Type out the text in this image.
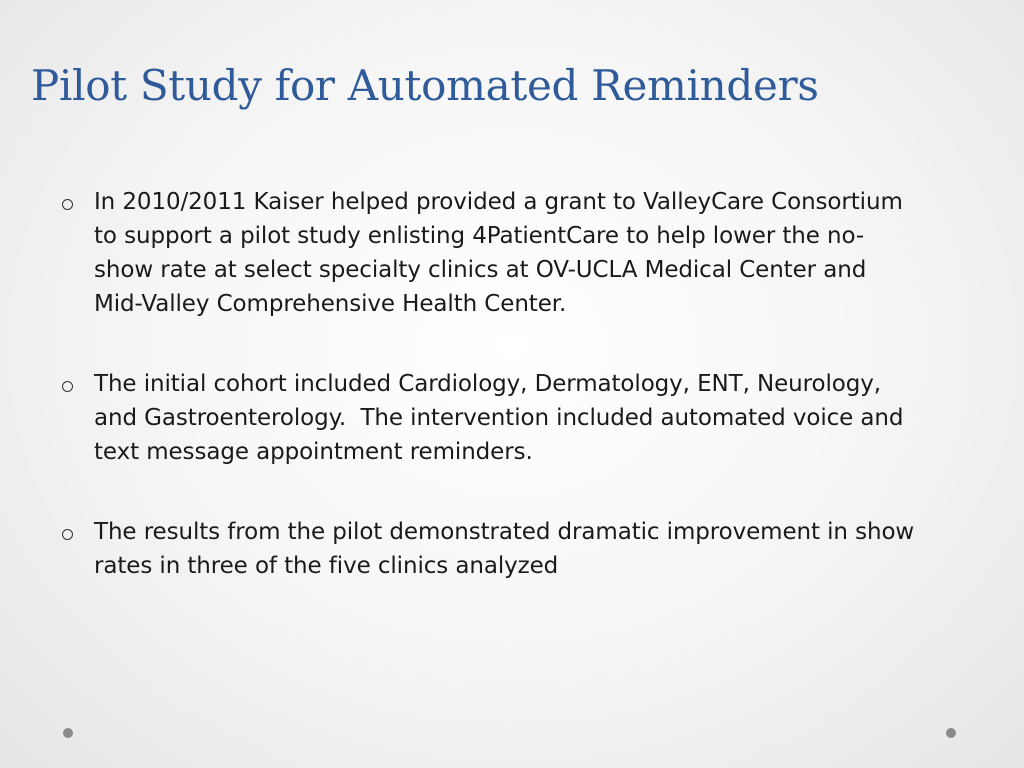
Pilot Study for Automated Reminders
In 2010/2011 Kaiser helped provided a grant to ValleyCare Consortium to support a pilot study enlisting 4PatientCare to help lower the no-show rate at select specialty clinics at OV-UCLA Medical Center and Mid-Valley Comprehensive Health Center.
The initial cohort included Cardiology, Dermatology, ENT, Neurology, and Gastroenterology.  The intervention included automated voice and text message appointment reminders.
The results from the pilot demonstrated dramatic improvement in show rates in three of the five clinics analyzed
